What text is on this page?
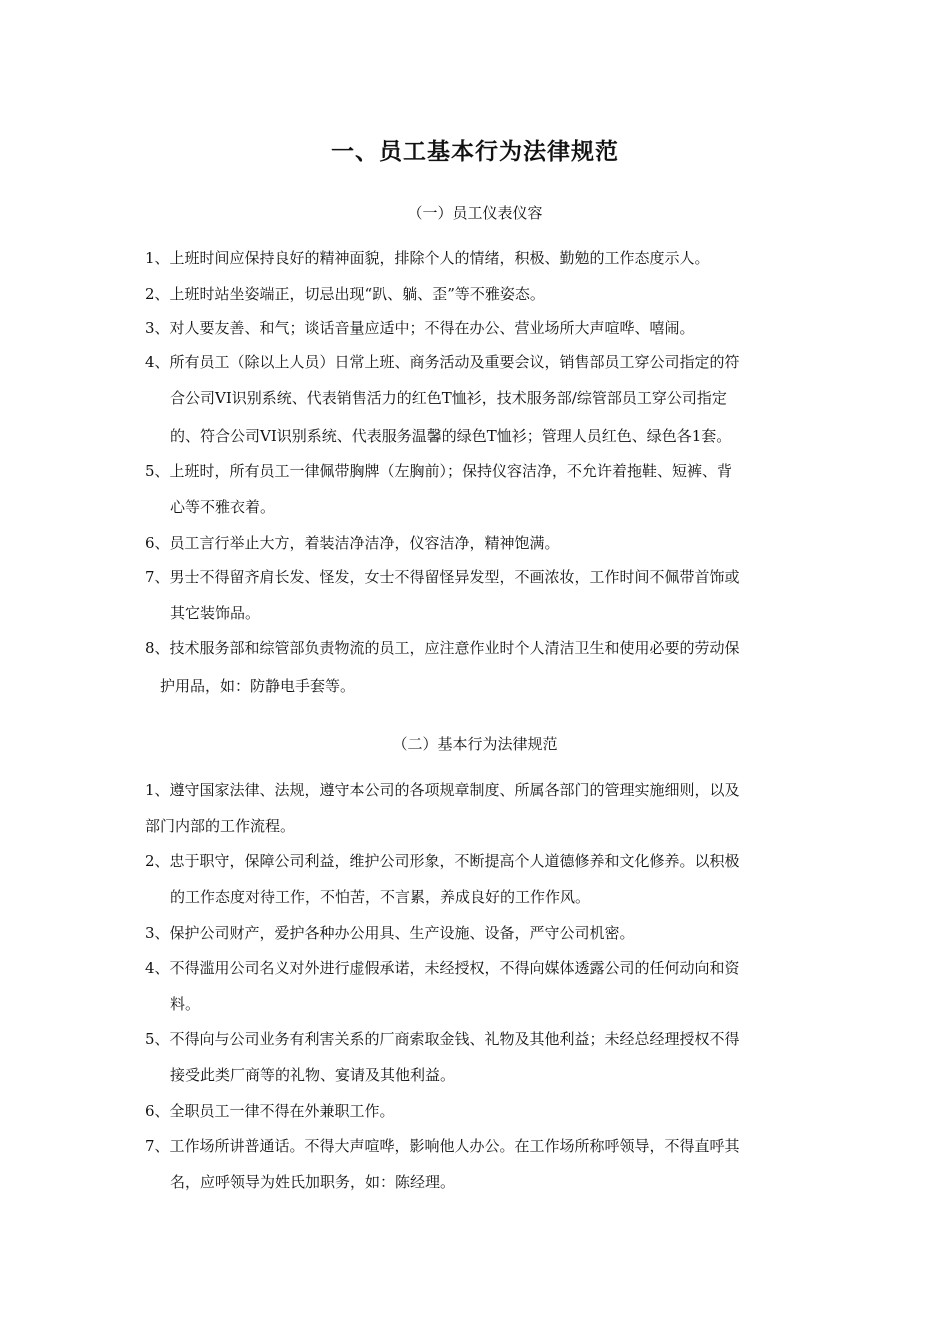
一、员工基本行为法律规范
（一）员工仪表仪容
1、上班时间应保持良好的精神面貌，排除个人的情绪，积极、勤勉的工作态度示人。
2、上班时站坐姿端正，切忌出现“趴、躺、歪”等不雅姿态。
3、对人要友善、和气；谈话音量应适中；不得在办公、营业场所大声喧哗、嘻闹。
4、所有员工（除以上人员）日常上班、商务活动及重要会议，销售部员工穿公司指定的符
合公司VI识别系统、代表销售活力的红色T恤衫，技术服务部/综管部员工穿公司指定
的、符合公司VI识别系统、代表服务温馨的绿色T恤衫；管理人员红色、绿色各1套。
5、上班时，所有员工一律佩带胸牌（左胸前）；保持仪容洁净，不允许着拖鞋、短裤、背
心等不雅衣着。
6、员工言行举止大方，着装洁净洁净，仪容洁净，精神饱满。
7、男士不得留齐肩长发、怪发，女士不得留怪异发型，不画浓妆，工作时间不佩带首饰或
其它装饰品。
8、技术服务部和综管部负责物流的员工，应注意作业时个人清洁卫生和使用必要的劳动保
护用品，如：防静电手套等。
（二）基本行为法律规范
1、遵守国家法律、法规，遵守本公司的各项规章制度、所属各部门的管理实施细则，以及
部门内部的工作流程。
2、忠于职守，保障公司利益，维护公司形象，不断提高个人道德修养和文化修养。以积极
的工作态度对待工作，不怕苦，不言累，养成良好的工作作风。
3、保护公司财产，爱护各种办公用具、生产设施、设备，严守公司机密。
4、不得滥用公司名义对外进行虚假承诺，未经授权，不得向媒体透露公司的任何动向和资
料。
5、不得向与公司业务有利害关系的厂商索取金钱、礼物及其他利益；未经总经理授权不得
接受此类厂商等的礼物、宴请及其他利益。
6、全职员工一律不得在外兼职工作。
7、工作场所讲普通话。不得大声喧哗，影响他人办公。在工作场所称呼领导，不得直呼其
名，应呼领导为姓氏加职务，如：陈经理。
